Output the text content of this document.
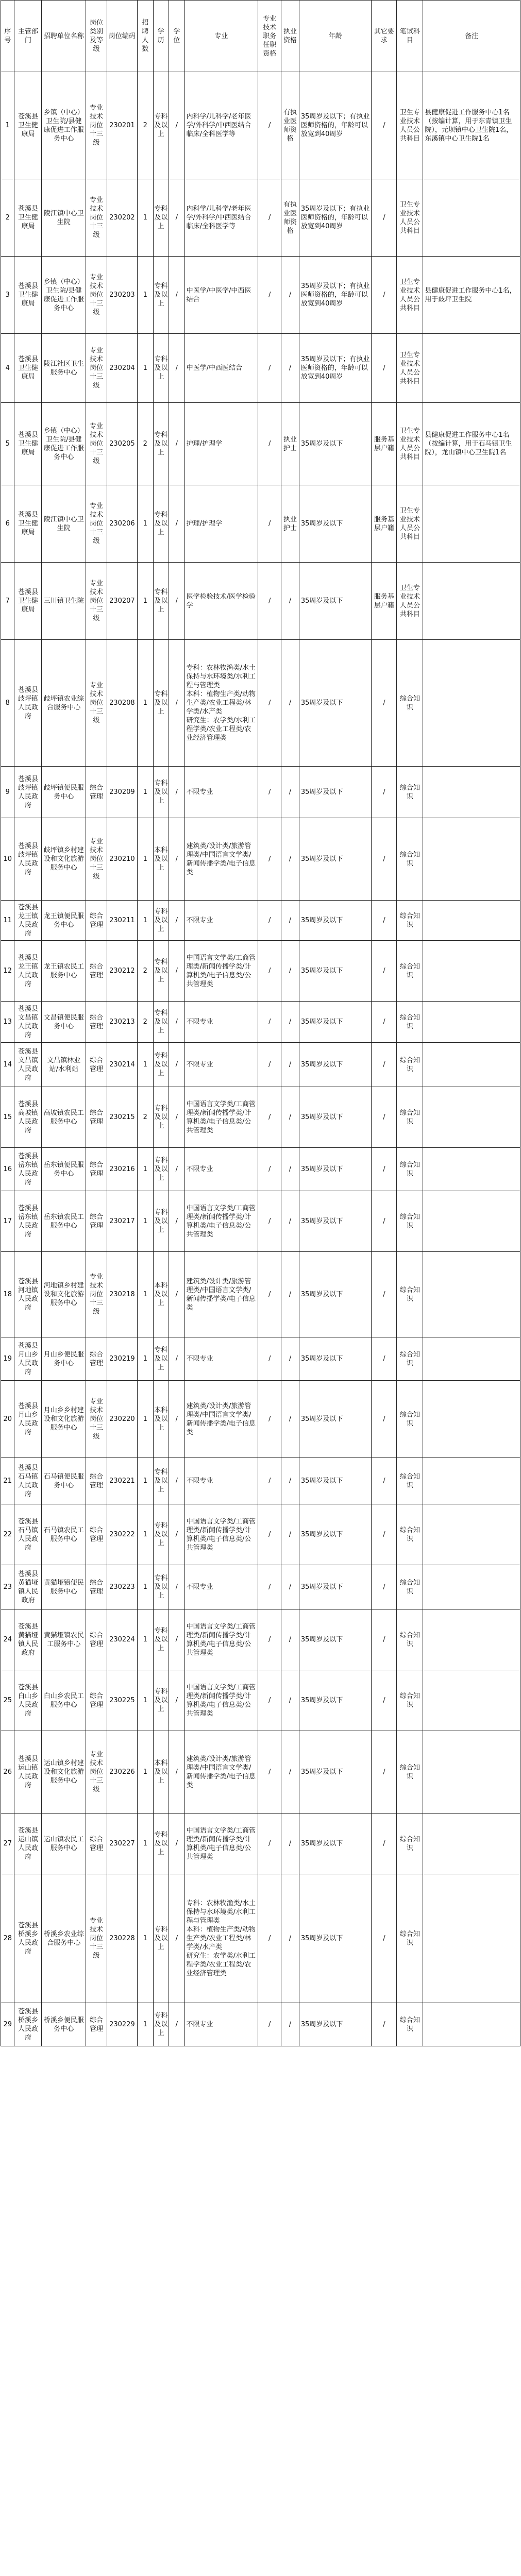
序号	主管部门	招聘单位名称	岗位类别及等级	岗位编码	招聘人数	学历	学位	专业	专业技术职务任职资格	执业资格	年龄	其它要求	笔试科目	备注
1	苍溪县卫生健康局	乡镇（中心）卫生院/县健康促进工作服务中心	专业技术岗位十三级	230201	2	专科及以上	/	内科学/儿科学/老年医学/外科学/中西医结合临床/全科医学等	/	有执业医师资格	35周岁及以下；有执业医师资格的，年龄可以放宽到40周岁	/	卫生专业技术人员公共科目	县健康促进工作服务中心1名（按编计算，用于东青镇卫生院），元坝镇中心卫生院1名，东溪镇中心卫生院1名
2	苍溪县卫生健康局	陵江镇中心卫生院	专业技术岗位十三级	230202	1	专科及以上	/	内科学/儿科学/老年医学/外科学/中西医结合临床/全科医学等	/	有执业医师资格	35周岁及以下；有执业医师资格的，年龄可以放宽到40周岁	/	卫生专业技术人员公共科目	
3	苍溪县卫生健康局	乡镇（中心）卫生院/县健康促进工作服务中心	专业技术岗位十三级	230203	1	专科及以上	/	中医学/中医学/中西医结合	/	/	35周岁及以下；有执业医师资格的，年龄可以放宽到40周岁	/	卫生专业技术人员公共科目	县健康促进工作服务中心1名，用于歧坪卫生院
4	苍溪县卫生健康局	陵江社区卫生服务中心	专业技术岗位十三级	230204	1	专科及以上	/	中医学/中西医结合	/	/	35周岁及以下；有执业医师资格的，年龄可以放宽到40周岁	/	卫生专业技术人员公共科目	
5	苍溪县卫生健康局	乡镇（中心）卫生院/县健康促进工作服务中心	专业技术岗位十三级	230205	2	专科及以上	/	护理/护理学	/	执业护士	35周岁及以下	服务基层户籍	卫生专业技术人员公共科目	县健康促进工作服务中心1名（按编计算，用于石马镇卫生院），龙山镇中心卫生院1名
6	苍溪县卫生健康局	陵江镇中心卫生院	专业技术岗位十三级	230206	1	专科及以上	/	护理/护理学	/	执业护士	35周岁及以下	服务基层户籍	卫生专业技术人员公共科目	
7	苍溪县卫生健康局	三川镇卫生院	专业技术岗位十三级	230207	1	专科及以上	/	医学检验技术/医学检验学	/	/	35周岁及以下	服务基层户籍	卫生专业技术人员公共科目	
8	苍溪县歧坪镇人民政府	歧坪镇农业综合服务中心	专业技术岗位十三级	230208	1	专科及以上	/	专科：农林牧渔类/水土保持与水环境类/水利工程与管理类
本科：植物生产类/动物生产类/农业工程类/林学类/水产类
研究生：农学类/水利工程学类/农业工程类/农业经济管理类	/	/	35周岁及以下	/	综合知识	
9	苍溪县歧坪镇人民政府	歧坪镇便民服务中心	综合管理	230209	1	专科及以上	/	不限专业	/	/	35周岁及以下	/	综合知识	
10	苍溪县歧坪镇人民政府	歧坪镇乡村建设和文化旅游服务中心	专业技术岗位十三级	230210	1	本科及以上	/	建筑类/设计类/旅游管理类/中国语言文学类/新闻传播学类/电子信息类	/	/	35周岁及以下	/	综合知识	
11	苍溪县龙王镇人民政府	龙王镇便民服务中心	综合管理	230211	1	专科及以上	/	不限专业	/	/	35周岁及以下	/	综合知识	
12	苍溪县龙王镇人民政府	龙王镇农民工服务中心	综合管理	230212	2	专科及以上	/	中国语言文学类/工商管理类/新闻传播学类/计算机类/电子信息类/公共管理类	/	/	35周岁及以下	/	综合知识	
13	苍溪县文昌镇人民政府	文昌镇便民服务中心	综合管理	230213	2	专科及以上	/	不限专业	/	/	35周岁及以下	/	综合知识	
14	苍溪县文昌镇人民政府	文昌镇林业站/水利站	综合管理	230214	1	专科及以上	/	不限专业	/	/	35周岁及以下	/	综合知识	
15	苍溪县高坡镇人民政府	高坡镇农民工服务中心	综合管理	230215	2	专科及以上	/	中国语言文学类/工商管理类/新闻传播学类/计算机类/电子信息类/公共管理类	/	/	35周岁及以下	/	综合知识	
16	苍溪县岳东镇人民政府	岳东镇便民服务中心	综合管理	230216	1	专科及以上	/	不限专业	/	/	35周岁及以下	/	综合知识	
17	苍溪县岳东镇人民政府	岳东镇农民工服务中心	综合管理	230217	1	专科及以上	/	中国语言文学类/工商管理类/新闻传播学类/计算机类/电子信息类/公共管理类	/	/	35周岁及以下	/	综合知识	
18	苍溪县河地镇人民政府	河地镇乡村建设和文化旅游服务中心	专业技术岗位十三级	230218	1	本科及以上	/	建筑类/设计类/旅游管理类/中国语言文学类/新闻传播学类/电子信息类	/	/	35周岁及以下	/	综合知识	
19	苍溪县月山乡人民政府	月山乡便民服务中心	综合管理	230219	1	专科及以上	/	不限专业	/	/	35周岁及以下	/	综合知识	
20	苍溪县月山乡人民政府	月山乡乡村建设和文化旅游服务中心	专业技术岗位十三级	230220	1	本科及以上	/	建筑类/设计类/旅游管理类/中国语言文学类/新闻传播学类/电子信息类	/	/	35周岁及以下	/	综合知识	
21	苍溪县石马镇人民政府	石马镇便民服务中心	综合管理	230221	1	专科及以上	/	不限专业	/	/	35周岁及以下	/	综合知识	
22	苍溪县石马镇人民政府	石马镇农民工服务中心	综合管理	230222	1	专科及以上	/	中国语言文学类/工商管理类/新闻传播学类/计算机类/电子信息类/公共管理类	/	/	35周岁及以下	/	综合知识	
23	苍溪县黄猫垭镇人民政府	黄猫垭镇便民服务中心	综合管理	230223	1	专科及以上	/	不限专业	/	/	35周岁及以下	/	综合知识	
24	苍溪县黄猫垭镇人民政府	黄猫垭镇农民工服务中心	综合管理	230224	1	专科及以上	/	中国语言文学类/工商管理类/新闻传播学类/计算机类/电子信息类/公共管理类	/	/	35周岁及以下	/	综合知识	
25	苍溪县白山乡人民政府	白山乡农民工服务中心	综合管理	230225	1	专科及以上	/	中国语言文学类/工商管理类/新闻传播学类/计算机类/电子信息类/公共管理类	/	/	35周岁及以下	/	综合知识	
26	苍溪县运山镇人民政府	运山镇乡村建设和文化旅游服务中心	专业技术岗位十三级	230226	1	本科及以上	/	建筑类/设计类/旅游管理类/中国语言文学类/新闻传播学类/电子信息类	/	/	35周岁及以下	/	综合知识	
27	苍溪县运山镇人民政府	运山镇农民工服务中心	综合管理	230227	1	专科及以上	/	中国语言文学类/工商管理类/新闻传播学类/计算机类/电子信息类/公共管理类	/	/	35周岁及以下	/	综合知识	
28	苍溪县桥溪乡人民政府	桥溪乡农业综合服务中心	专业技术岗位十三级	230228	1	专科及以上	/	专科：农林牧渔类/水土保持与水环境类/水利工程与管理类
本科：植物生产类/动物生产类/农业工程类/林学类/水产类
研究生：农学类/水利工程学类/农业工程类/农业经济管理类	/	/	35周岁及以下	/	综合知识	
29	苍溪县桥溪乡人民政府	桥溪乡便民服务中心	综合管理	230229	1	专科及以上	/	不限专业	/	/	35周岁及以下	/	综合知识	
